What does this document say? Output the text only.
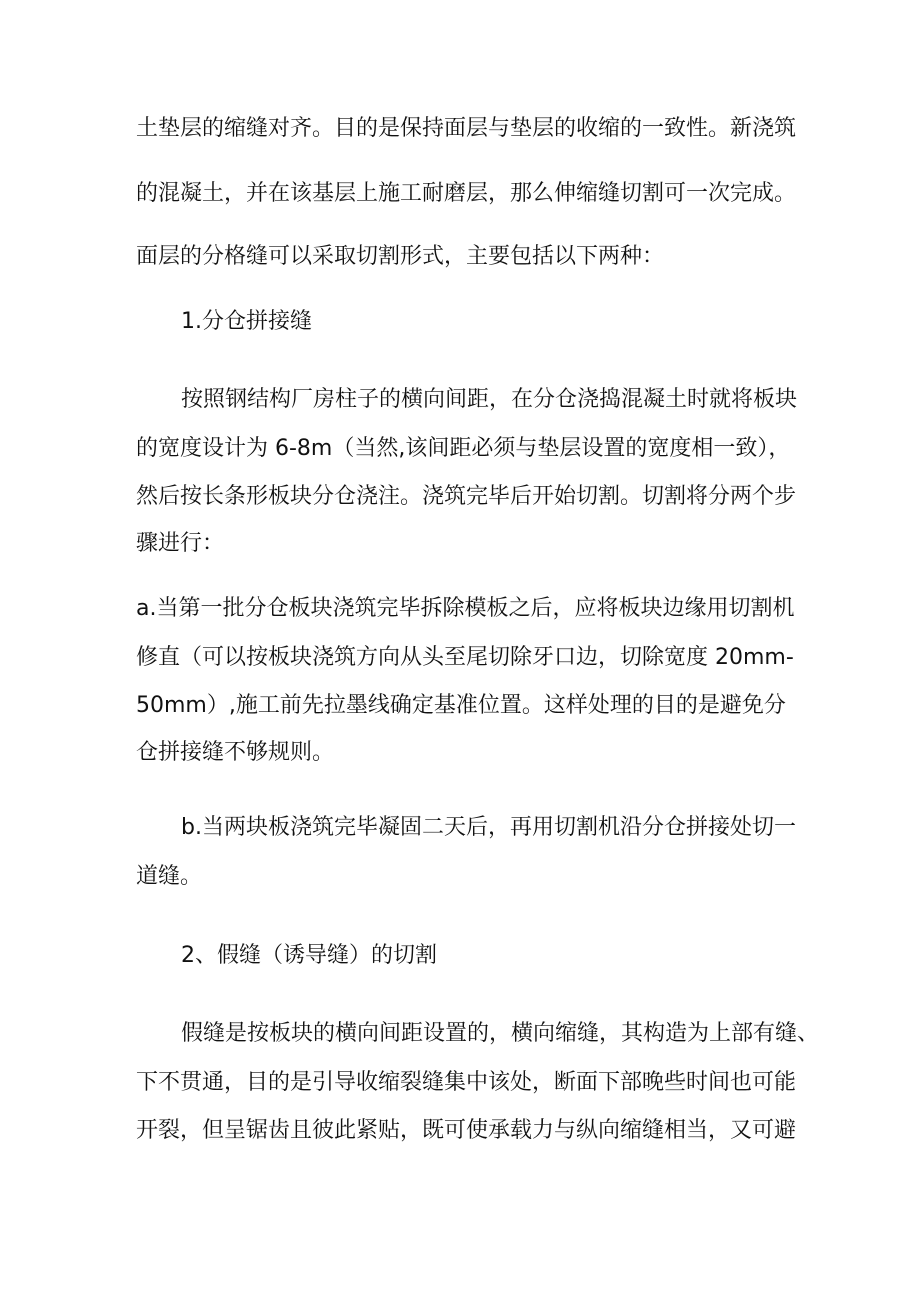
土垫层的缩缝对齐。目的是保持面层与垫层的收缩的一致性。新浇筑
的混凝土，并在该基层上施工耐磨层，那么伸缩缝切割可一次完成。
面层的分格缝可以采取切割形式，主要包括以下两种：
1.分仓拼接缝
按照钢结构厂房柱子的横向间距，在分仓浇捣混凝土时就将板块
的宽度设计为 6-8m（当然,该间距必须与垫层设置的宽度相一致），
然后按长条形板块分仓浇注。浇筑完毕后开始切割。切割将分两个步
骤进行：
a.当第一批分仓板块浇筑完毕拆除模板之后，应将板块边缘用切割机
修直（可以按板块浇筑方向从头至尾切除牙口边，切除宽度 20mm-
50mm）,施工前先拉墨线确定基准位置。这样处理的目的是避免分
仓拼接缝不够规则。
b.当两块板浇筑完毕凝固二天后，再用切割机沿分仓拼接处切一
道缝。
2、假缝（诱导缝）的切割
假缝是按板块的横向间距设置的，横向缩缝，其构造为上部有缝、
下不贯通，目的是引导收缩裂缝集中该处，断面下部晚些时间也可能
开裂，但呈锯齿且彼此紧贴，既可使承载力与纵向缩缝相当，又可避
